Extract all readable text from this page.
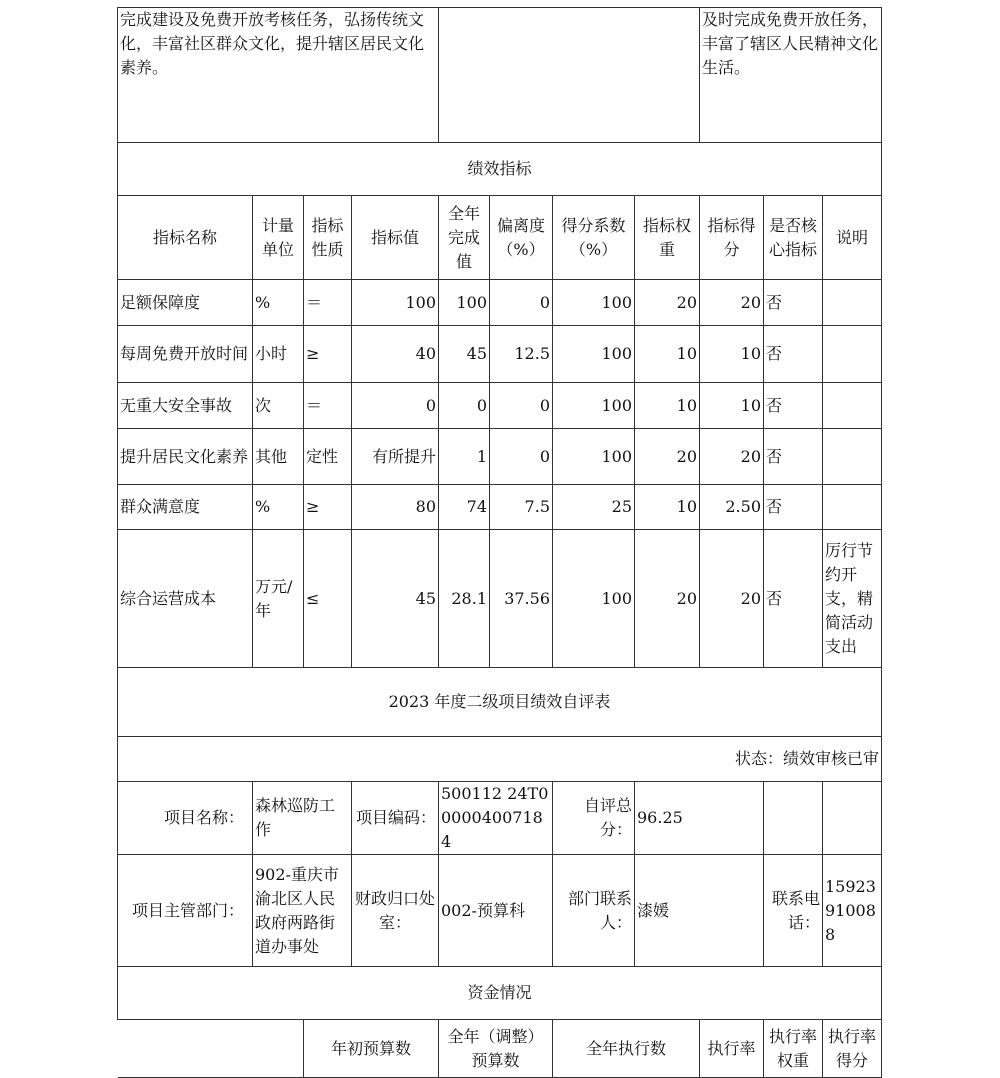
完成建设及免费开放考核任务，弘扬传统文化，丰富社区群众文化，提升辖区居民文化素养。								及时完成免费开放任务，丰富了辖区人民精神文化生活。		
绩效指标										
指标名称	计量单位	指标性质	指标值	全年完成值	偏离度（%）	得分系数（%）	指标权重	指标得分	是否核心指标	说明
足额保障度	%	＝	100	100	0	100	20	20	否	
每周免费开放时间	小时	≥	40	45	12.5	100	10	10	否	
无重大安全事故	次	＝	0	0	0	100	10	10	否	
提升居民文化素养	其他	定性	有所提升	1	0	100	20	20	否	
群众满意度	%	≥	80	74	7.5	25	10	2.50	否	
综合运营成本	万元/年	≤	45	28.1	37.56	100	20	20	否	厉行节约开支，精简活动支出
2023 年度二级项目绩效自评表										
状态：绩效审核已审										
项目名称：	森林巡防工作		项目编码：	500112 24T000004007184		自评总分：	96.25			
项目主管部门：	902-重庆市渝北区人民政府两路街道办事处		财政归口处室：	002-预算科		部门联系人：	漆媛		联系电话：	15923910088
资金情况										
		年初预算数		全年（调整）预算数		全年执行数		执行率	执行率权重	执行率得分
